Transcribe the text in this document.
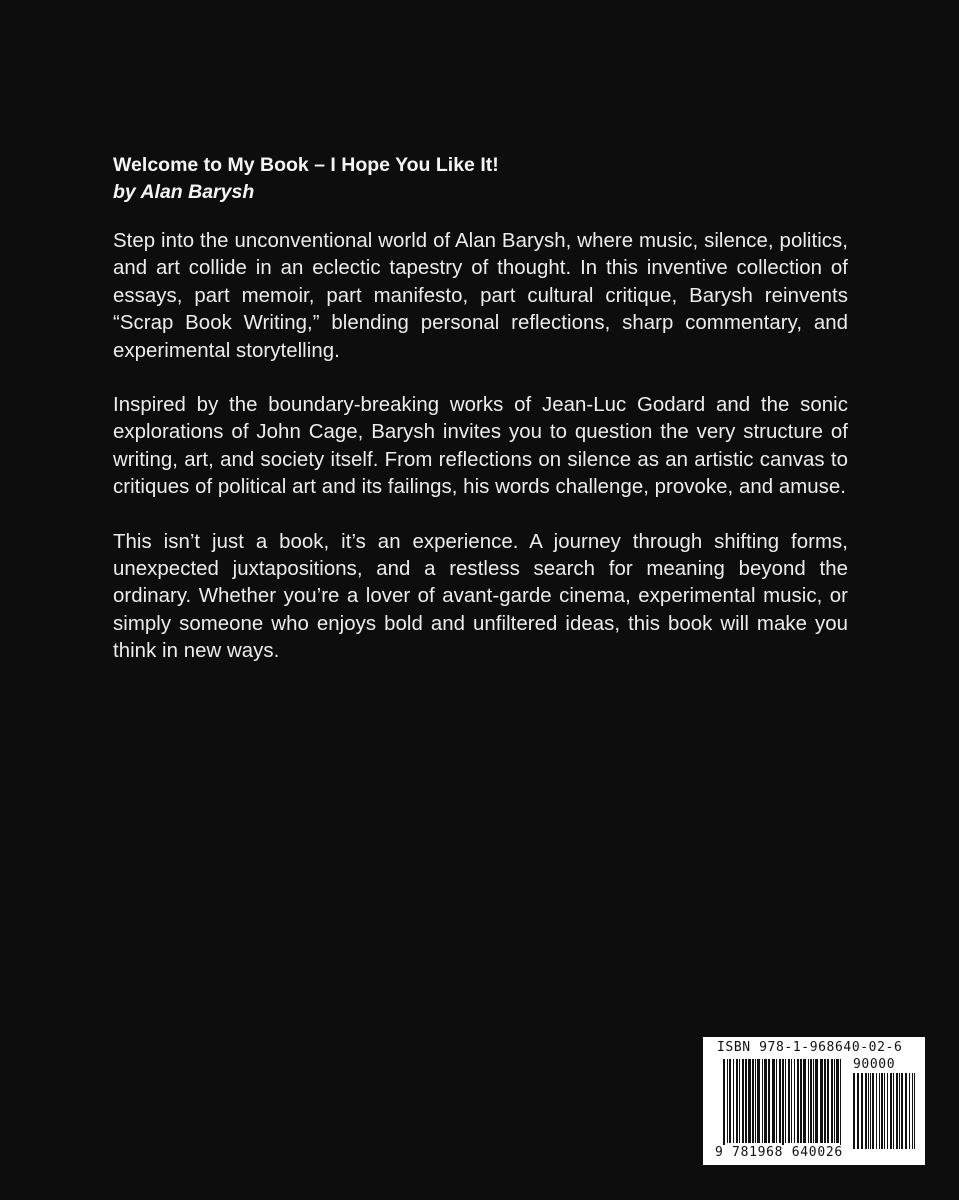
Welcome to My Book – I Hope You Like It!

by Alan Barysh

Step into the unconventional world of Alan Barysh, where music, silence, politics, and art collide in an eclectic tapestry of thought. In this inventive collection of essays, part memoir, part manifesto, part cultural critique, Barysh reinvents “Scrap Book Writing,” blending personal reflections, sharp commentary, and experimental storytelling.

Inspired by the boundary-breaking works of Jean-Luc Godard and the sonic explorations of John Cage, Barysh invites you to question the very structure of writing, art, and society itself. From reflections on silence as an artistic canvas to critiques of political art and its failings, his words challenge, provoke, and amuse.

This isn’t just a book, it’s an experience. A journey through shifting forms, unexpected juxtapositions, and a restless search for meaning beyond the ordinary. Whether you’re a lover of avant-garde cinema, experimental music, or simply someone who enjoys bold and unfiltered ideas, this book will make you think in new ways.

ISBN 978-1-968640-02-6
90000
9 781968 640026
